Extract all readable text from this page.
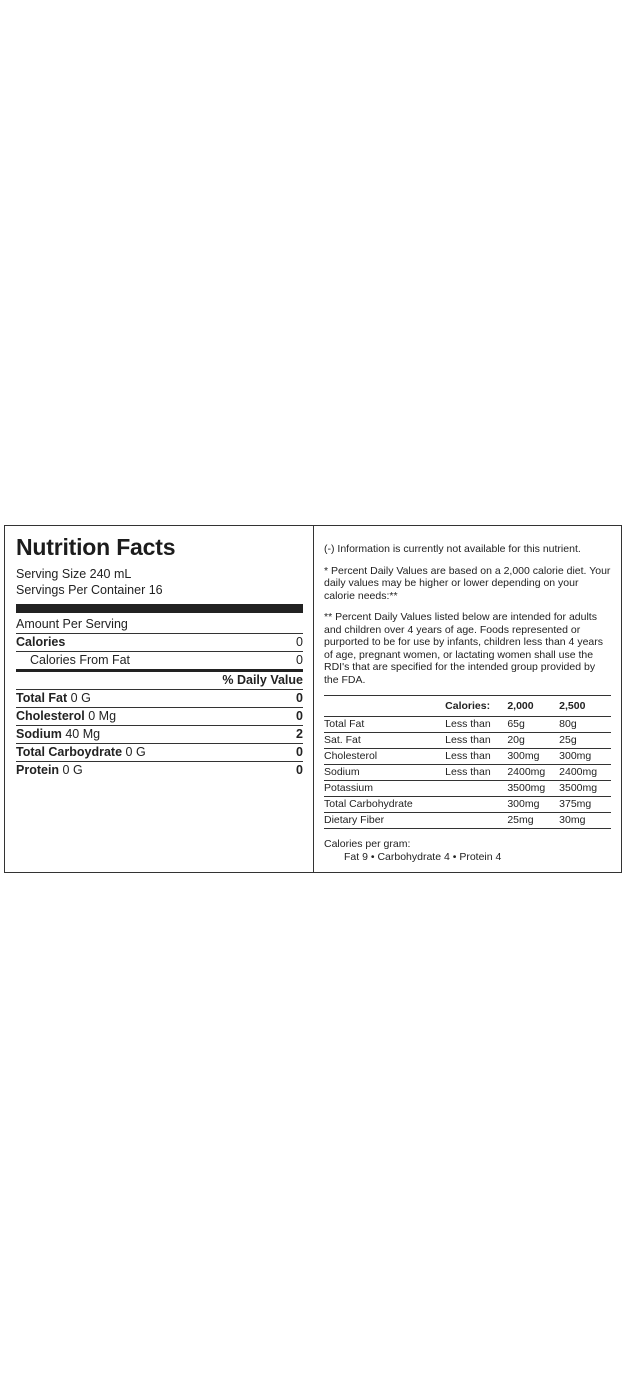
Nutrition Facts
Serving Size 240 mL
Servings Per Container 16
Amount Per Serving
Calories	0
Calories From Fat	0
% Daily Value
Total Fat 0 G	0
Cholesterol 0 Mg	0
Sodium 40 Mg	2
Total Carboydrate 0 G	0
Protein 0 G	0

(-) Information is currently not available for this nutrient.

* Percent Daily Values are based on a 2,000 calorie diet. Your daily values may be higher or lower depending on your calorie needs:**

** Percent Daily Values listed below are intended for adults and children over 4 years of age. Foods represented or purported to be for use by infants, children less than 4 years of age, pregnant women, or lactating women shall use the RDI's that are specified for the intended group provided by the FDA.

	Calories:	2,000	2,500
Total Fat	Less than	65g	80g
Sat. Fat	Less than	20g	25g
Cholesterol	Less than	300mg	300mg
Sodium	Less than	2400mg	2400mg
Potassium		3500mg	3500mg
Total Carbohydrate		300mg	375mg
Dietary Fiber		25mg	30mg
Calories per gram:
Fat 9 • Carbohydrate 4 • Protein 4
